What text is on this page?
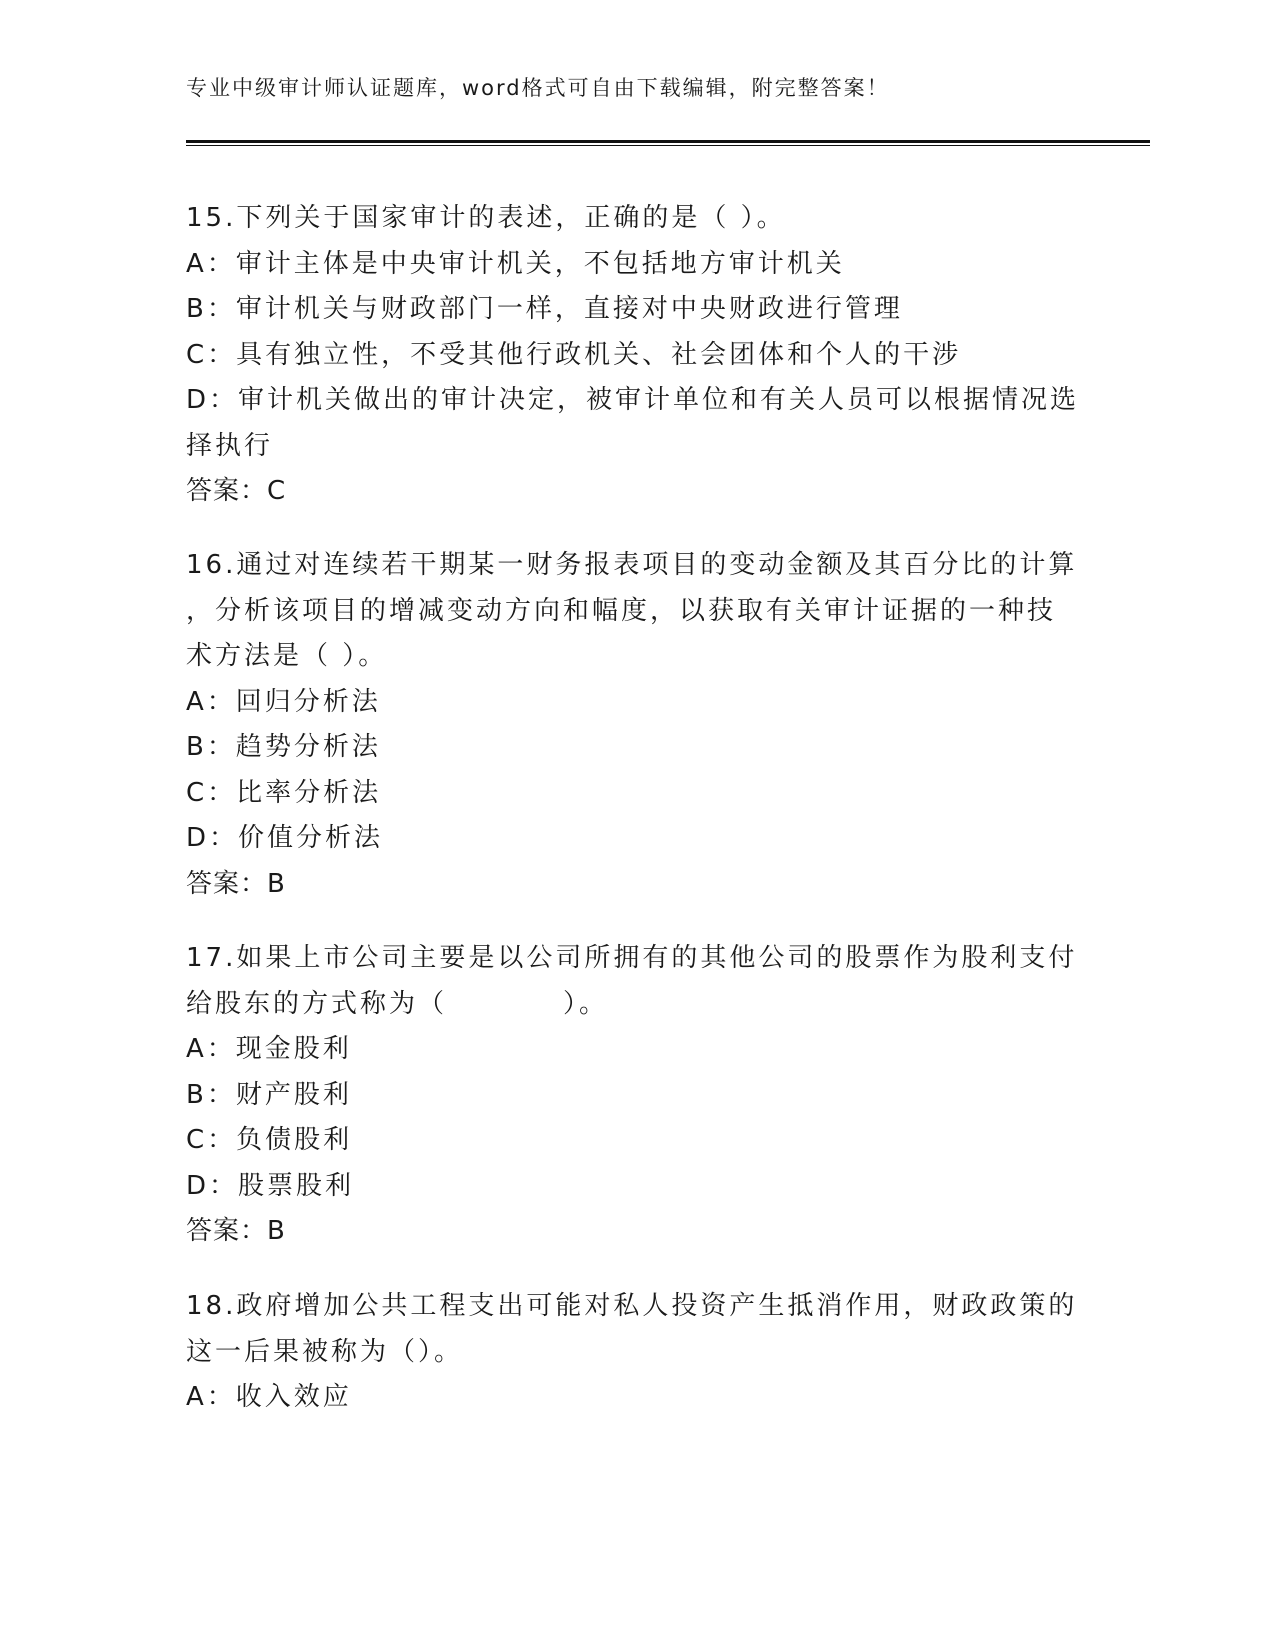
专业中级审计师认证题库，word格式可自由下载编辑，附完整答案！
15.下列关于国家审计的表述，正确的是（ ）。
A：审计主体是中央审计机关，不包括地方审计机关
B：审计机关与财政部门一样，直接对中央财政进行管理
C：具有独立性，不受其他行政机关、社会团体和个人的干涉
D：审计机关做出的审计决定，被审计单位和有关人员可以根据情况选
择执行
答案：C
16.通过对连续若干期某一财务报表项目的变动金额及其百分比的计算
，分析该项目的增减变动方向和幅度，以获取有关审计证据的一种技
术方法是（ ）。
A：回归分析法
B：趋势分析法
C：比率分析法
D：价值分析法
答案：B
17.如果上市公司主要是以公司所拥有的其他公司的股票作为股利支付
给股东的方式称为（　　　　）。
A：现金股利
B：财产股利
C：负债股利
D：股票股利
答案：B
18.政府增加公共工程支出可能对私人投资产生抵消作用，财政政策的
这一后果被称为（）。
A：收入效应
